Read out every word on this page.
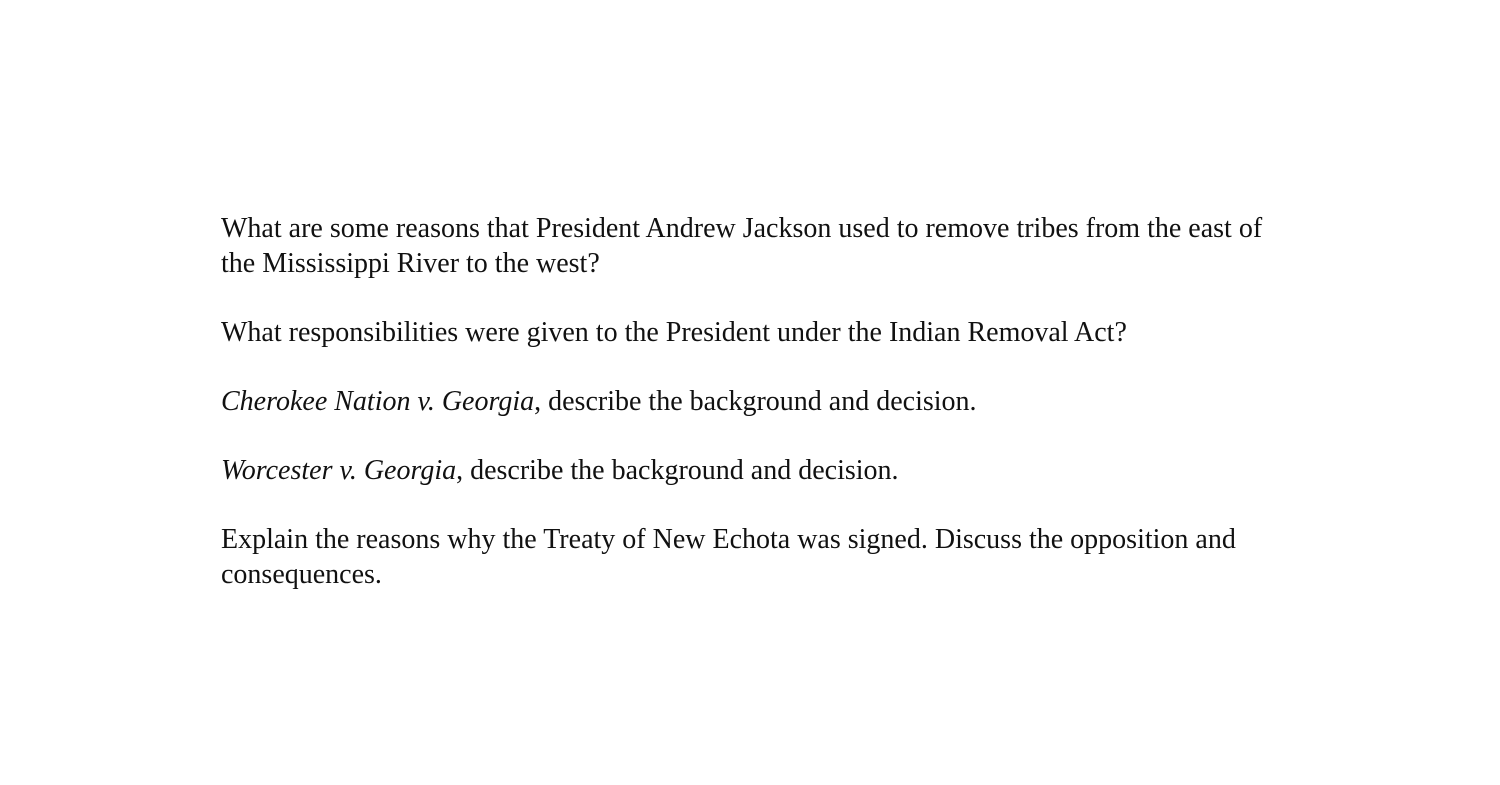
What are some reasons that President Andrew Jackson used to remove tribes from the east of the Mississippi River to the west?

What responsibilities were given to the President under the Indian Removal Act?

Cherokee Nation v. Georgia, describe the background and decision.

Worcester v. Georgia, describe the background and decision.

Explain the reasons why the Treaty of New Echota was signed. Discuss the opposition and consequences.
